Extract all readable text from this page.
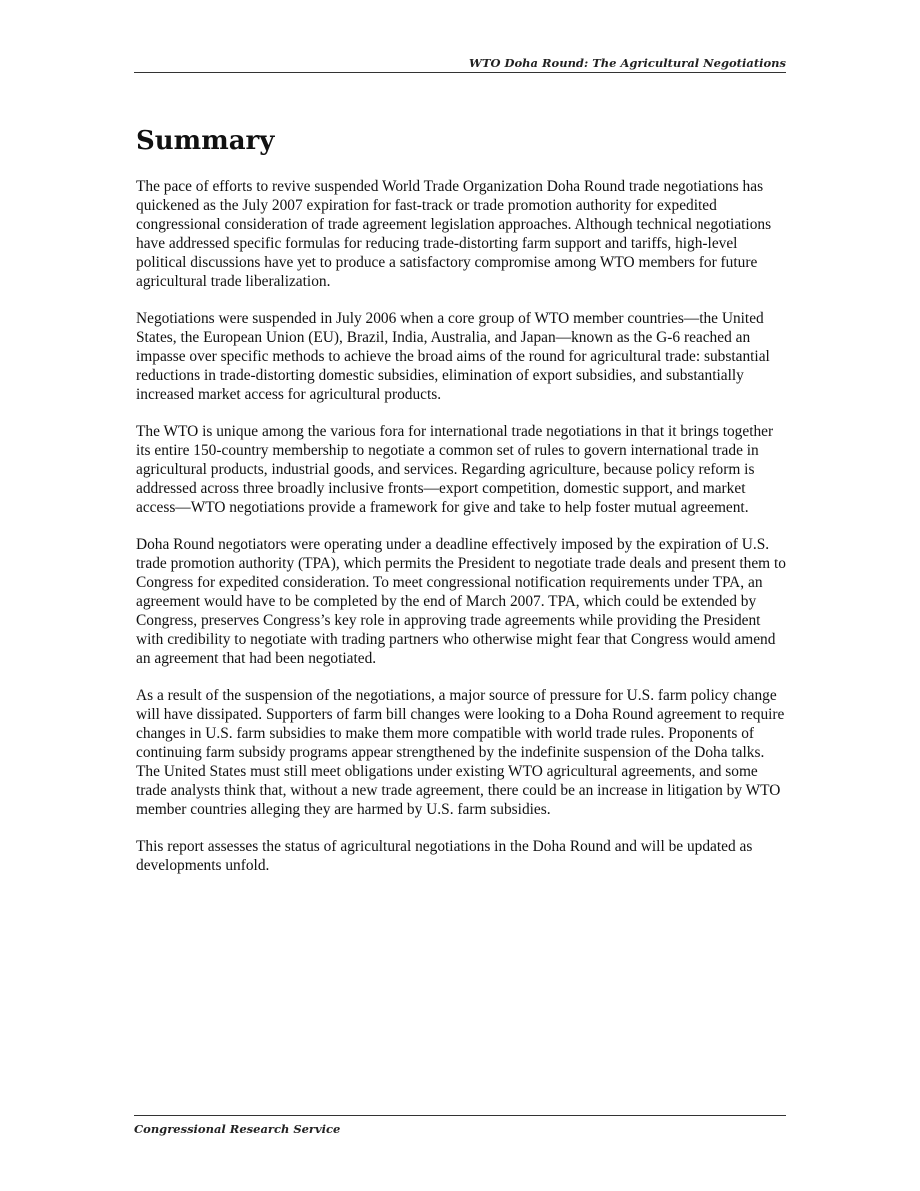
WTO Doha Round: The Agricultural Negotiations
Summary

The pace of efforts to revive suspended World Trade Organization Doha Round trade negotiations has quickened as the July 2007 expiration for fast-track or trade promotion authority for expedited congressional consideration of trade agreement legislation approaches. Although technical negotiations have addressed specific formulas for reducing trade-distorting farm support and tariffs, high-level political discussions have yet to produce a satisfactory compromise among WTO members for future agricultural trade liberalization.

Negotiations were suspended in July 2006 when a core group of WTO member countries—the United States, the European Union (EU), Brazil, India, Australia, and Japan—known as the G-6 reached an impasse over specific methods to achieve the broad aims of the round for agricultural trade: substantial reductions in trade-distorting domestic subsidies, elimination of export subsidies, and substantially increased market access for agricultural products.

The WTO is unique among the various fora for international trade negotiations in that it brings together its entire 150-country membership to negotiate a common set of rules to govern international trade in agricultural products, industrial goods, and services. Regarding agriculture, because policy reform is addressed across three broadly inclusive fronts—export competition, domestic support, and market access—WTO negotiations provide a framework for give and take to help foster mutual agreement.

Doha Round negotiators were operating under a deadline effectively imposed by the expiration of U.S. trade promotion authority (TPA), which permits the President to negotiate trade deals and present them to Congress for expedited consideration. To meet congressional notification requirements under TPA, an agreement would have to be completed by the end of March 2007. TPA, which could be extended by Congress, preserves Congress’s key role in approving trade agreements while providing the President with credibility to negotiate with trading partners who otherwise might fear that Congress would amend an agreement that had been negotiated.

As a result of the suspension of the negotiations, a major source of pressure for U.S. farm policy change will have dissipated. Supporters of farm bill changes were looking to a Doha Round agreement to require changes in U.S. farm subsidies to make them more compatible with world trade rules. Proponents of continuing farm subsidy programs appear strengthened by the indefinite suspension of the Doha talks. The United States must still meet obligations under existing WTO agricultural agreements, and some trade analysts think that, without a new trade agreement, there could be an increase in litigation by WTO member countries alleging they are harmed by U.S. farm subsidies.

This report assesses the status of agricultural negotiations in the Doha Round and will be updated as developments unfold.

Congressional Research Service
